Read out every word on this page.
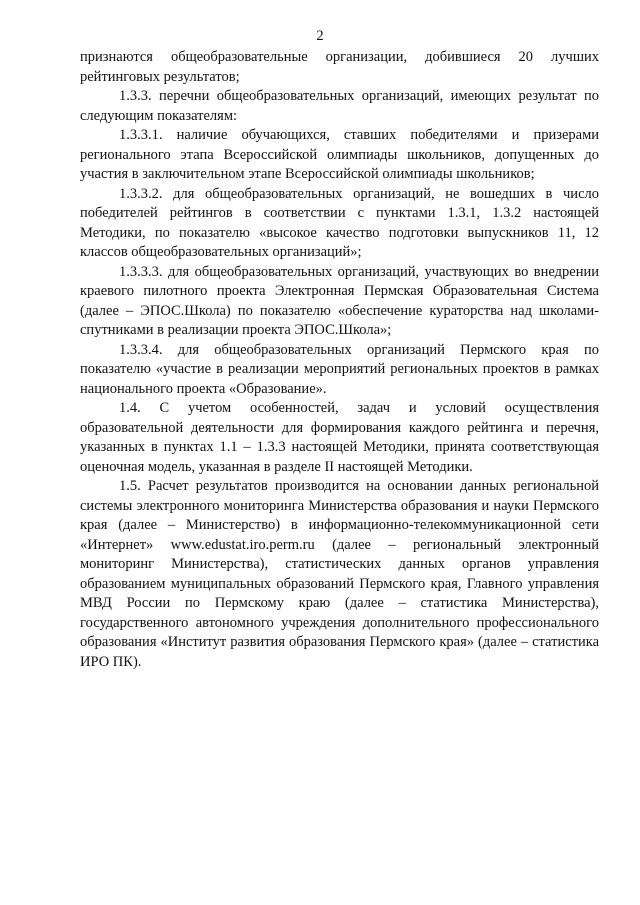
2

признаются общеобразовательные организации, добившиеся 20 лучших рейтинговых результатов;

1.3.3. перечни общеобразовательных организаций, имеющих результат по следующим показателям:

1.3.3.1. наличие обучающихся, ставших победителями и призерами регионального этапа Всероссийской олимпиады школьников, допущенных до участия в заключительном этапе Всероссийской олимпиады школьников;

1.3.3.2. для общеобразовательных организаций, не вошедших в число победителей рейтингов в соответствии с пунктами 1.3.1, 1.3.2 настоящей Методики, по показателю «высокое качество подготовки выпускников 11, 12 классов общеобразовательных организаций»;

1.3.3.3. для общеобразовательных организаций, участвующих во внедрении краевого пилотного проекта Электронная Пермская Образовательная Система (далее – ЭПОС.Школа) по показателю «обеспечение кураторства над школами-спутниками в реализации проекта ЭПОС.Школа»;

1.3.3.4. для общеобразовательных организаций Пермского края по показателю «участие в реализации мероприятий региональных проектов в рамках национального проекта «Образование».

1.4. С учетом особенностей, задач и условий осуществления образовательной деятельности для формирования каждого рейтинга и перечня, указанных в пунктах 1.1 – 1.3.3 настоящей Методики, принята соответствующая оценочная модель, указанная в разделе II настоящей Методики.

1.5. Расчет результатов производится на основании данных региональной системы электронного мониторинга Министерства образования и науки Пермского края (далее – Министерство) в информационно-телекоммуникационной сети «Интернет» www.edustat.iro.perm.ru (далее – региональный электронный мониторинг Министерства), статистических данных органов управления образованием муниципальных образований Пермского края, Главного управления МВД России по Пермскому краю (далее – статистика Министерства), государственного автономного учреждения дополнительного профессионального образования «Институт развития образования Пермского края» (далее – статистика ИРО ПК).
